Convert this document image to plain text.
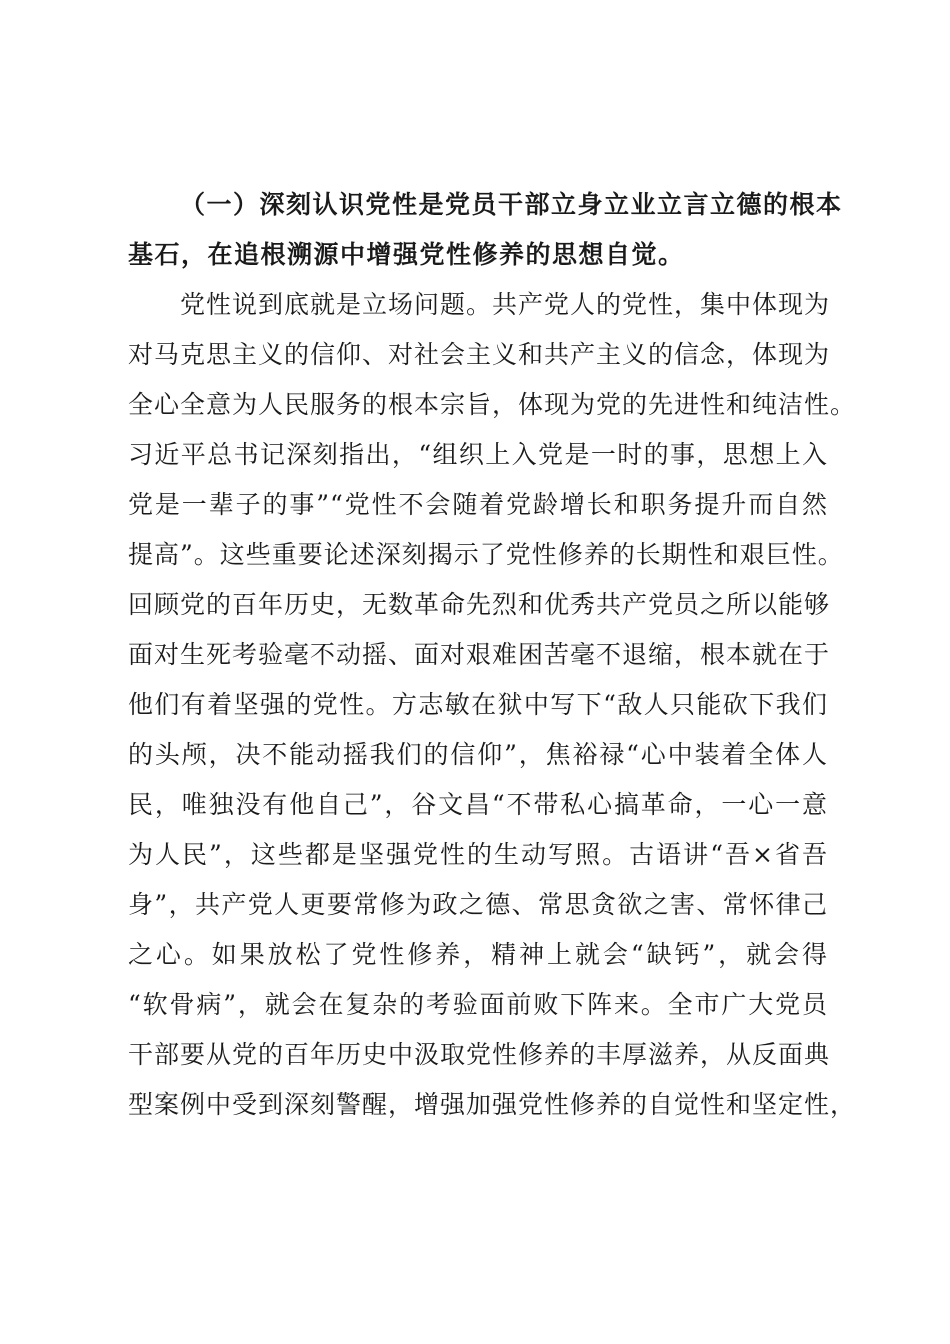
（一）深刻认识党性是党员干部立身立业立言立德的根本
基石，在追根溯源中增强党性修养的思想自觉。
党性说到底就是立场问题。共产党人的党性，集中体现为
对马克思主义的信仰、对社会主义和共产主义的信念，体现为
全心全意为人民服务的根本宗旨，体现为党的先进性和纯洁性。
习近平总书记深刻指出，“组织上入党是一时的事，思想上入
党是一辈子的事”“党性不会随着党龄增长和职务提升而自然
提高”。这些重要论述深刻揭示了党性修养的长期性和艰巨性。
回顾党的百年历史，无数革命先烈和优秀共产党员之所以能够
面对生死考验毫不动摇、面对艰难困苦毫不退缩，根本就在于
他们有着坚强的党性。方志敏在狱中写下“敌人只能砍下我们
的头颅，决不能动摇我们的信仰”，焦裕禄“心中装着全体人
民，唯独没有他自己”，谷文昌“不带私心搞革命，一心一意
为人民”，这些都是坚强党性的生动写照。古语讲“吾×省吾
身”，共产党人更要常修为政之德、常思贪欲之害、常怀律己
之心。如果放松了党性修养，精神上就会“缺钙”，就会得
“软骨病”，就会在复杂的考验面前败下阵来。全市广大党员
干部要从党的百年历史中汲取党性修养的丰厚滋养，从反面典
型案例中受到深刻警醒，增强加强党性修养的自觉性和坚定性，
